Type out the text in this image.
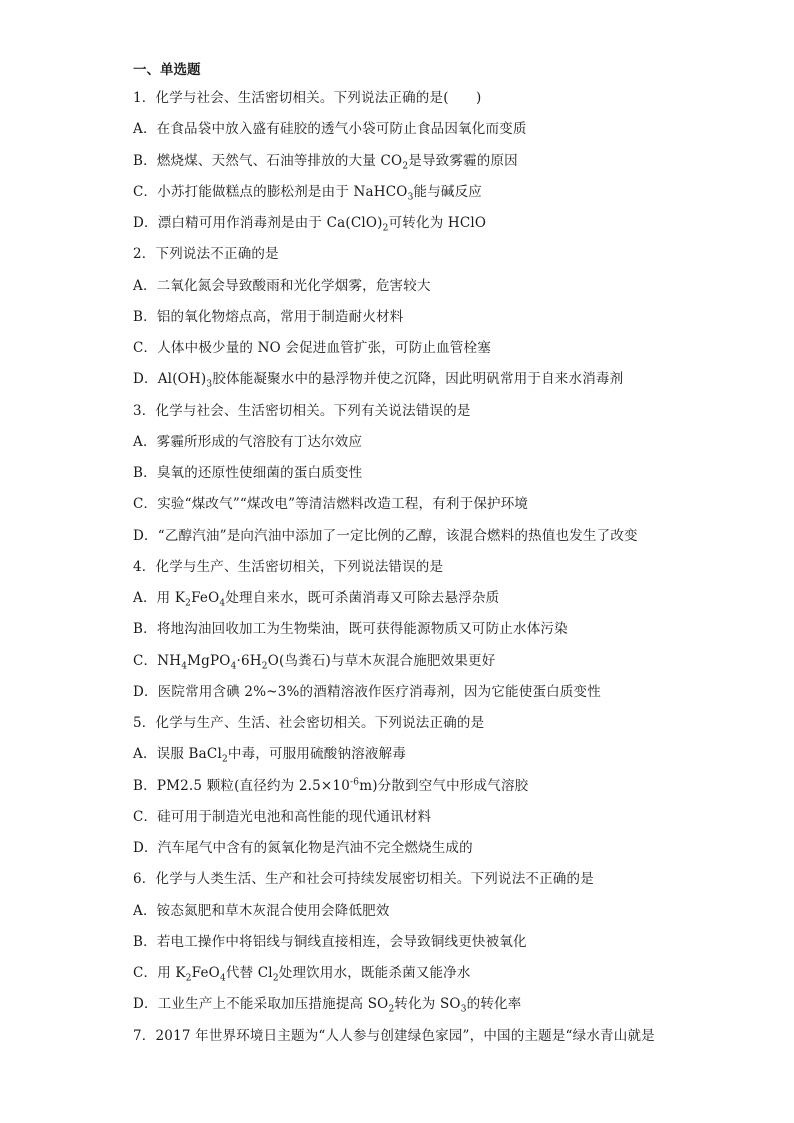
一、单选题
1．化学与社会、生活密切相关。下列说法正确的是(　　)
A．在食品袋中放入盛有硅胶的透气小袋可防止食品因氧化而变质
B．燃烧煤、天然气、石油等排放的大量 $CO_2$是导致雾霾的原因
C．小苏打能做糕点的膨松剂是由于 NaHCO$_3$能与碱反应
D．漂白精可用作消毒剂是由于 $Ca(ClO)_2$可转化为 HClO
2．下列说法不正确的是
A．二氧化氮会导致酸雨和光化学烟雾，危害较大
B．铝的氧化物熔点高，常用于制造耐火材料
C．人体中极少量的 NO 会促进血管扩张，可防止血管栓塞
D．$Al(OH)_3$胶体能凝聚水中的悬浮物并使之沉降，因此明矾常用于自来水消毒剂
3．化学与社会、生活密切相关。下列有关说法错误的是
A．雾霾所形成的气溶胶有丁达尔效应
B．臭氧的还原性使细菌的蛋白质变性
C．实验“煤改气”“煤改电”等清洁燃料改造工程，有利于保护环境
D．“乙醇汽油”是向汽油中添加了一定比例的乙醇，该混合燃料的热值也发生了改变
4．化学与生产、生活密切相关，下列说法错误的是
A．用 $K_2FeO_4$处理自来水，既可杀菌消毒又可除去悬浮杂质
B．将地沟油回收加工为生物柴油，既可获得能源物质又可防止水体污染
C．$NH_4MgPO_4\cdot 6H_2O$(鸟粪石)与草木灰混合施肥效果更好
D．医院常用含碘 2%~3%的酒精溶液作医疗消毒剂，因为它能使蛋白质变性
5．化学与生产、生活、社会密切相关。下列说法正确的是
A．误服 BaCl$_2$中毒，可服用硫酸钠溶液解毒
B．PM2.5 颗粒(直径约为 $2.5\times 10^{-6}m$)分散到空气中形成气溶胶
C．硅可用于制造光电池和高性能的现代通讯材料
D．汽车尾气中含有的氮氧化物是汽油不完全燃烧生成的
6．化学与人类生活、生产和社会可持续发展密切相关。下列说法不正确的是
A．铵态氮肥和草木灰混合使用会降低肥效
B．若电工操作中将铝线与铜线直接相连，会导致铜线更快被氧化
C．用 $K_2FeO_4$代替 $Cl_2$处理饮用水，既能杀菌又能净水
D．工业生产上不能采取加压措施提高 $SO_2$转化为 $SO_3$的转化率
7．2017 年世界环境日主题为“人人参与创建绿色家园”，中国的主题是“绿水青山就是
